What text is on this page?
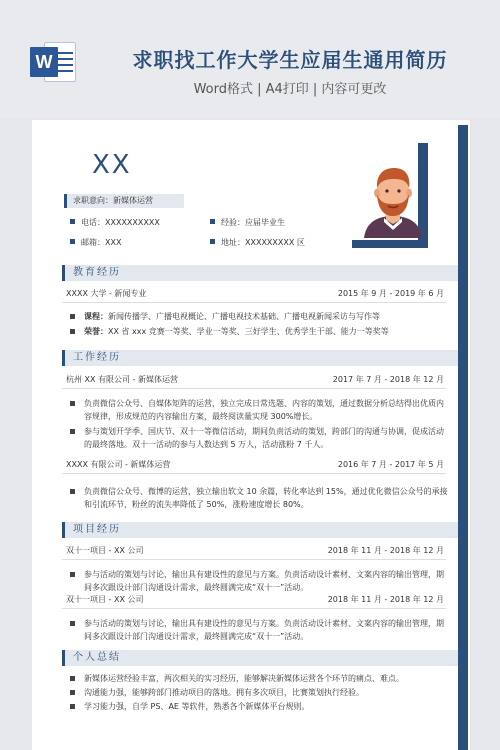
W	求职找工作大学生应届生通用简历
Word格式 | A4打印 | 内容可更改
XX
求职意向：新媒体运营
电话：XXXXXXXXXX	经验：应届毕业生
邮箱：XXX	地址：XXXXXXXXX 区
教育经历
XXXX 大学 - 新闻专业	2015 年 9 月 - 2019 年 6 月
课程：新闻传播学、广播电视概论、广播电视技术基础、广播电视新闻采访与写作等
荣誉：XX 省 xxx 竞赛一等奖、学业一等奖、三好学生、优秀学生干部、能力一等奖等
工作经历
杭州 XX 有限公司 - 新媒体运营	2017 年 7 月 - 2018 年 12 月
负责微信公众号、自媒体矩阵的运营，独立完成日常选题、内容的策划，通过数据分析总结得出优质内容规律，形成规范的内容输出方案，最终阅读量实现 300%增长。
参与策划开学季、国庆节、双十一等微信活动，期间负责活动的策划，跨部门的沟通与协调，促成活动的最终落地。双十一活动的参与人数达到 5 万人，活动涨粉 7 千人。
XXXX 有限公司 - 新媒体运营	2016 年 7 月 - 2017 年 5 月
负责微信公众号、微博的运营，独立输出软文 10 余篇，转化率达到 15%，通过优化微信公众号的承接和引流环节，粉丝的流失率降低了 50%，涨粉速度增长 80%。
项目经历
双十一项目 - XX 公司	2018 年 11 月 - 2018 年 12 月
参与活动的策划与讨论，输出具有建设性的意见与方案。负责活动设计素材、文案内容的输出管理，期间多次跟设计部门沟通设计需求，最终圆满完成“双十一”活动。
双十一项目 - XX 公司	2018 年 11 月 - 2018 年 12 月
参与活动的策划与讨论，输出具有建设性的意见与方案。负责活动设计素材、文案内容的输出管理，期间多次跟设计部门沟通设计需求，最终圆满完成“双十一”活动。
个人总结
新媒体运营经验丰富，两次相关的实习经历，能够解决新媒体运营各个环节的痛点、难点。
沟通能力强，能够跨部门推动项目的落地。拥有多次项目，比赛策划执行经验。
学习能力强，自学 PS、AE 等软件，熟悉各个新媒体平台规则。
